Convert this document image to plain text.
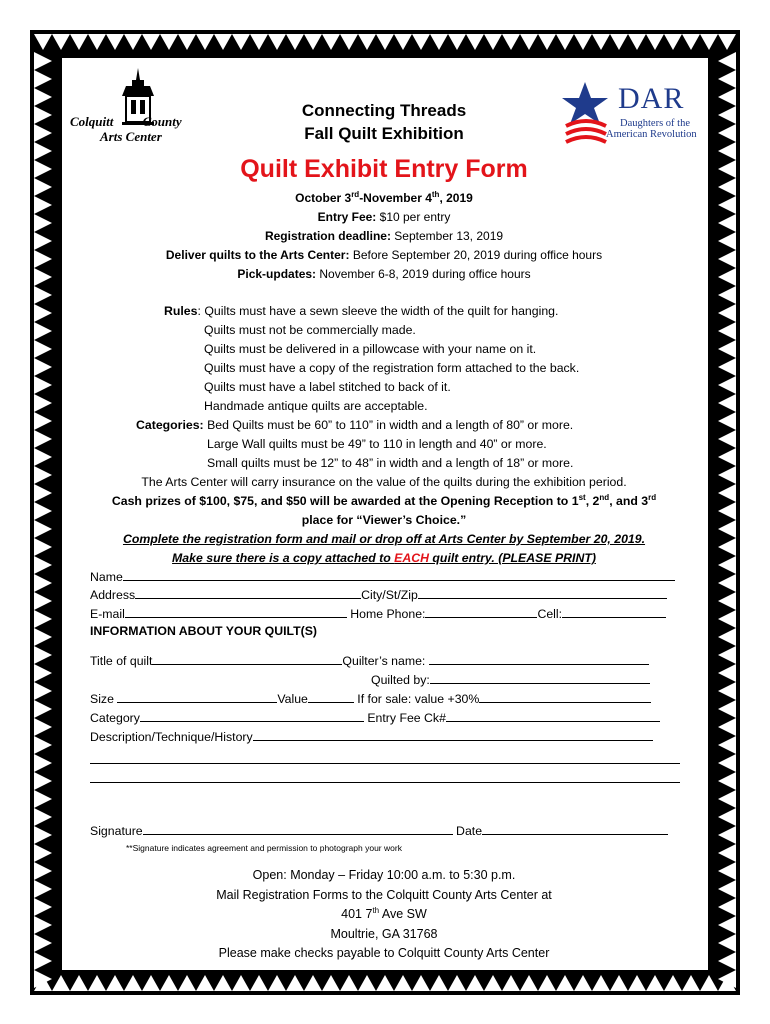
Colquitt County
Arts Center
DAR
Daughters of the
American Revolution
Connecting Threads
Fall Quilt Exhibition
Quilt Exhibit Entry Form
October 3rd-November 4th, 2019
Entry Fee: $10 per entry
Registration deadline: September 13, 2019
Deliver quilts to the Arts Center: Before September 20, 2019 during office hours
Pick-updates: November 6-8, 2019 during office hours
Rules: Quilts must have a sewn sleeve the width of the quilt for hanging.
Quilts must not be commercially made.
Quilts must be delivered in a pillowcase with your name on it.
Quilts must have a copy of the registration form attached to the back.
Quilts must have a label stitched to back of it.
Handmade antique quilts are acceptable.
Categories: Bed Quilts must be 60” to 110” in width and a length of 80” or more.
Large Wall quilts must be 49” to 110 in length and 40” or more.
Small quilts must be 12” to 48” in width and a length of 18” or more.
The Arts Center will carry insurance on the value of the quilts during the exhibition period.
Cash prizes of $100, $75, and $50 will be awarded at the Opening Reception to 1st, 2nd, and 3rd
place for “Viewer’s Choice.”
Complete the registration form and mail or drop off at Arts Center by September 20, 2019.
Make sure there is a copy attached to EACH quilt entry. (PLEASE PRINT)
Name
Address	City/St/Zip
E-mail	Home Phone:	Cell:
INFORMATION ABOUT YOUR QUILT(S)
Title of quilt	Quilter’s name:
Quilted by:
Size	Value	If for sale: value +30%
Category	Entry Fee Ck#
Description/Technique/History
Signature	Date
**Signature indicates agreement and permission to photograph your work
Open: Monday – Friday 10:00 a.m. to 5:30 p.m.
Mail Registration Forms to the Colquitt County Arts Center at
401 7th Ave SW
Moultrie, GA 31768
Please make checks payable to Colquitt County Arts Center
